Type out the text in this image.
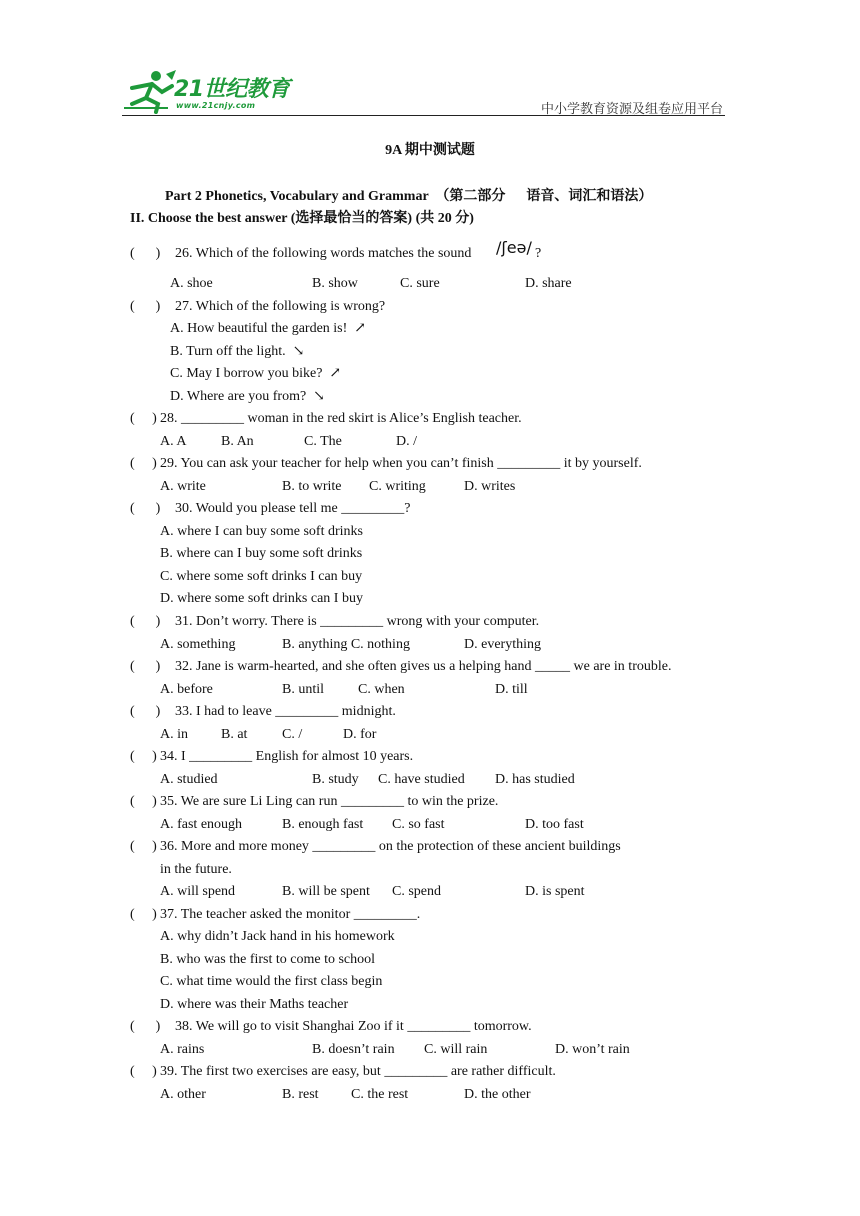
21世纪教育
www.21cnjy.com	中小学教育资源及组卷应用平台
9A 期中测试题
Part 2 Phonetics, Vocabulary and Grammar  （第二部分      语音、词汇和语法）
II. Choose the best answer (选择最恰当的答案) (共 20 分)
(      ) 26. Which of the following words matches the sound /ʃeə/ ?
A. shoe	B. show	C. sure	D. share
(      ) 27. Which of the following is wrong?
A. How beautiful the garden is!  ↗
B. Turn off the light.  ↘
C. May I borrow you bike?  ↗
D. Where are you from?  ↘
(     ) 28. _________ woman in the red skirt is Alice’s English teacher.
A. A B. An	C. The	D. /
(     ) 29. You can ask your teacher for help when you can’t finish _________ it by yourself.
A. write	B. to write C. writing	D. writes
(      ) 30. Would you please tell me _________?
A. where I can buy some soft drinks
B. where can I buy some soft drinks
C. where some soft drinks I can buy
D. where some soft drinks can I buy
(      ) 31. Don’t worry. There is _________ wrong with your computer.
A. something	B. anything C. nothing	D. everything
(      ) 32. Jane is warm-hearted, and she often gives us a helping hand _____ we are in trouble.
A. before	B. until C. when	D. till
(      ) 33. I had to leave _________ midnight.
A. in B. at C. /	D. for
(     ) 34. I _________ English for almost 10 years.
A. studied	B. study C. have studied D. has studied
(     ) 35. We are sure Li Ling can run _________ to win the prize.
A. fast enough	B. enough fast C. so fast	D. too fast
(     ) 36. More and more money _________ on the protection of these ancient buildings
in the future.
A. will spend	B. will be spent C. spend	D. is spent
(     ) 37. The teacher asked the monitor _________.
A. why didn’t Jack hand in his homework
B. who was the first to come to school
C. what time would the first class begin
D. where was their Maths teacher
(      ) 38. We will go to visit Shanghai Zoo if it _________ tomorrow.
A. rains	B. doesn’t rain C. will rain	D. won’t rain
(     ) 39. The first two exercises are easy, but _________ are rather difficult.
A. other	B. rest C. the rest	D. the other
